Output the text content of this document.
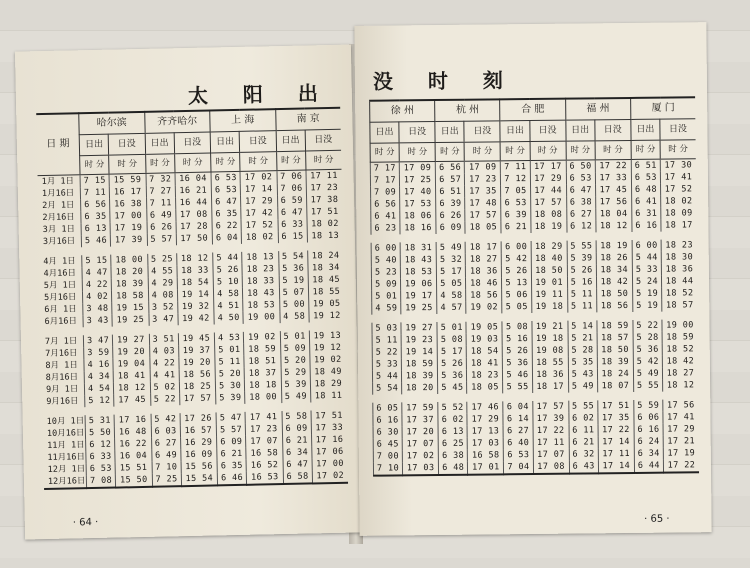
太 阳 出
日 期	哈尔滨		齐齐哈尔		上 海		南 京	
	日出	日没	日出	日没	日出	日没	日出	日没
	时 分	时 分	时 分	时 分	时 分	时 分	时 分	时 分
1月 1日	7 15	15 59	7 32	16 04	6 53	17 02	7 06	17 11
1月16日	7 11	16 17	7 27	16 21	6 53	17 14	7 06	17 23
2月 1日	6 56	16 38	7 11	16 44	6 47	17 29	6 59	17 38
2月16日	6 35	17 00	6 49	17 08	6 35	17 42	6 47	17 51
3月 1日	6 13	17 19	6 26	17 28	6 22	17 52	6 33	18 02
3月16日	5 46	17 39	5 57	17 50	6 04	18 02	6 15	18 13

4月 1日	5 15	18 00	5 25	18 12	5 44	18 13	5 54	18 24
4月16日	4 47	18 20	4 55	18 33	5 26	18 23	5 36	18 34
5月 1日	4 22	18 39	4 29	18 54	5 10	18 33	5 19	18 45
5月16日	4 02	18 58	4 08	19 14	4 58	18 43	5 07	18 55
6月 1日	3 48	19 15	3 52	19 32	4 51	18 53	5 00	19 05
6月16日	3 43	19 25	3 47	19 42	4 50	19 00	4 58	19 12

7月 1日	3 47	19 27	3 51	19 45	4 53	19 02	5 01	19 13
7月16日	3 59	19 20	4 03	19 37	5 01	18 59	5 09	19 12
8月 1日	4 16	19 04	4 22	19 20	5 11	18 51	5 20	19 02
8月16日	4 34	18 41	4 41	18 56	5 20	18 37	5 29	18 49
9月 1日	4 54	18 12	5 02	18 25	5 30	18 18	5 39	18 29
9月16日	5 12	17 45	5 22	17 57	5 39	18 00	5 49	18 11

10月 1日	5 31	17 16	5 42	17 26	5 47	17 41	5 58	17 51
10月16日	5 50	16 48	6 03	16 57	5 57	17 23	6 09	17 33
11月 1日	6 12	16 22	6 27	16 29	6 09	17 07	6 21	17 16
11月16日	6 33	16 04	6 49	16 09	6 21	16 58	6 34	17 06
12月 1日	6 53	15 51	7 10	15 56	6 35	16 52	6 47	17 00
12月16日	7 08	15 50	7 25	15 54	6 46	16 53	6 58	17 02
· 64 ·
没 时 刻
徐 州		杭 州		合 肥		福 州		厦 门	
日出	日没	日出	日没	日出	日没	日出	日没	日出	日没
时 分	时 分	时 分	时 分	时 分	时 分	时 分	时 分	时 分	时 分
7 17	17 09	6 56	17 09	7 11	17 17	6 50	17 22	6 51	17 30
7 17	17 25	6 57	17 23	7 12	17 29	6 53	17 33	6 53	17 41
7 09	17 40	6 51	17 35	7 05	17 44	6 47	17 45	6 48	17 52
6 56	17 53	6 39	17 48	6 53	17 57	6 38	17 56	6 41	18 02
6 41	18 06	6 26	17 57	6 39	18 08	6 27	18 04	6 31	18 09
6 23	18 16	6 09	18 05	6 21	18 19	6 12	18 12	6 16	18 17

6 00	18 31	5 49	18 17	6 00	18 29	5 55	18 19	6 00	18 23
5 40	18 43	5 32	18 27	5 42	18 40	5 39	18 26	5 44	18 30
5 23	18 53	5 17	18 36	5 26	18 50	5 26	18 34	5 33	18 36
5 09	19 06	5 05	18 46	5 13	19 01	5 16	18 42	5 24	18 44
5 01	19 17	4 58	18 56	5 06	19 11	5 11	18 50	5 19	18 52
4 59	19 25	4 57	19 02	5 05	19 18	5 11	18 56	5 19	18 57

5 03	19 27	5 01	19 05	5 08	19 21	5 14	18 59	5 22	19 00
5 11	19 23	5 08	19 03	5 16	19 18	5 21	18 57	5 28	18 59
5 22	19 14	5 17	18 54	5 26	19 08	5 28	18 50	5 36	18 52
5 33	18 59	5 26	18 41	5 36	18 55	5 35	18 39	5 42	18 42
5 44	18 39	5 36	18 23	5 46	18 36	5 43	18 24	5 49	18 27
5 54	18 20	5 45	18 05	5 55	18 17	5 49	18 07	5 55	18 12

6 05	17 59	5 52	17 46	6 04	17 57	5 55	17 51	5 59	17 56
6 16	17 37	6 02	17 29	6 14	17 39	6 02	17 35	6 06	17 41
6 30	17 20	6 13	17 13	6 27	17 22	6 11	17 22	6 16	17 29
6 45	17 07	6 25	17 03	6 40	17 11	6 21	17 14	6 24	17 21
7 00	17 02	6 38	16 58	6 53	17 07	6 32	17 11	6 34	17 19
7 10	17 03	6 48	17 01	7 04	17 08	6 43	17 14	6 44	17 22
· 65 ·
